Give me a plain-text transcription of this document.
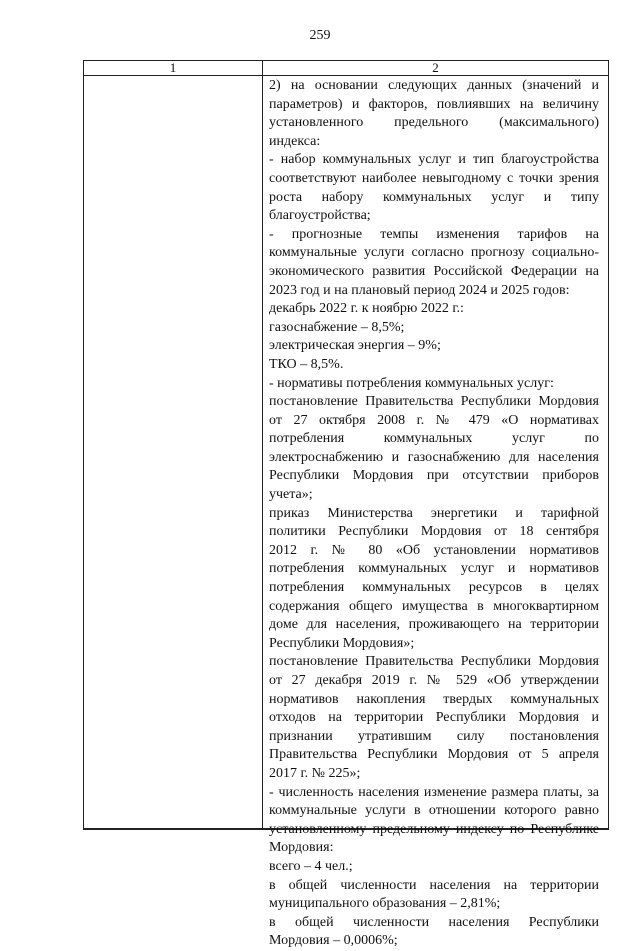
259
1	2
2) на основании следующих данных (значений и
параметров) и факторов, повлиявших на величину
установленного предельного (максимального)
индекса:
- набор коммунальных услуг и тип благоустройства
соответствуют наиболее невыгодному с точки зрения
роста набору коммунальных услуг и типу
благоустройства;
- прогнозные темпы изменения тарифов на
коммунальные услуги согласно прогнозу социально-
экономического развития Российской Федерации на
2023 год и на плановый период 2024 и 2025 годов:
декабрь 2022 г. к ноябрю 2022 г.:
газоснабжение – 8,5%;
электрическая энергия – 9%;
ТКО – 8,5%.
- нормативы потребления коммунальных услуг:
постановление Правительства Республики Мордовия
от 27 октября 2008 г. № 479 «О нормативах
потребления коммунальных услуг по
электроснабжению и газоснабжению для населения
Республики Мордовия при отсутствии приборов
учета»;
приказ Министерства энергетики и тарифной
политики Республики Мордовия от 18 сентября
2012 г. № 80 «Об установлении нормативов
потребления коммунальных услуг и нормативов
потребления коммунальных ресурсов в целях
содержания общего имущества в многоквартирном
доме для населения, проживающего на территории
Республики Мордовия»;
постановление Правительства Республики Мордовия
от 27 декабря 2019 г. № 529 «Об утверждении
нормативов накопления твердых коммунальных
отходов на территории Республики Мордовия и
признании утратившим силу постановления
Правительства Республики Мордовия от 5 апреля
2017 г. № 225»;
- численность населения изменение размера платы, за
коммунальные услуги в отношении которого равно
установленному предельному индексу по Республике
Мордовия:
всего – 4 чел.;
в общей численности населения на территории
муниципального образования – 2,81%;
в общей численности населения Республики
Мордовия – 0,0006%;
